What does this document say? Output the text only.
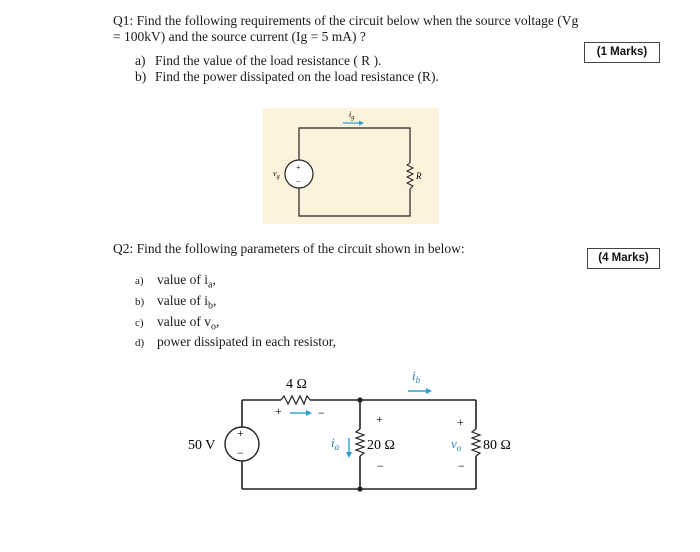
Q1: Find the following requirements of the circuit below when the source voltage (Vg
= 100kV) and the source current (Ig = 5 mA) ?
(1 Marks)
a) Find the value of the load resistance ( R ).
b) Find the power dissipated on the load resistance (R).
R
+
−
$v_g$
$i_g$
Q2: Find the following parameters of the circuit shown in below:
(4 Marks)
a) value of $i_a$,
b) value of $i_b$,
c) value of $v_o$,
d) power dissipated in each resistor,
4 Ω
+	−
+
−
50 V	20 Ω
+
−
$i_a$	80 Ω
+
−
$v_o$
$i_b$
